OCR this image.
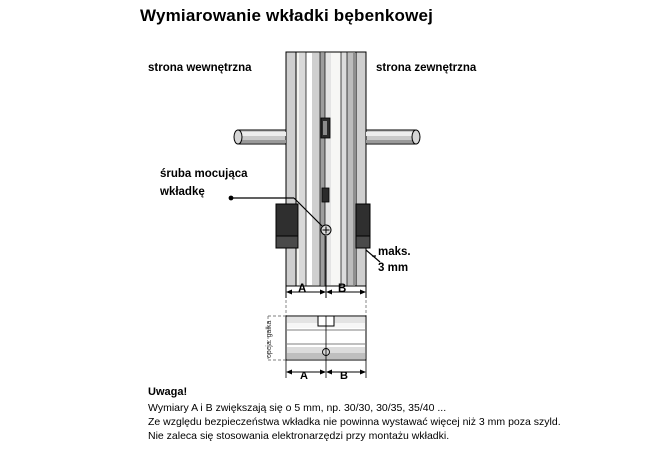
Wymiarowanie wkładki bębenkowej
strona wewnętrzna	strona zewnętrzna
śruba mocująca
wkładkę
maks.
3 mm
A	B
A	B
opcja: gałka
Uwaga!
Wymiary A i B zwiększają się o 5 mm, np. 30/30, 30/35, 35/40 ...
Ze względu bezpieczeństwa wkładka nie powinna wystawać więcej niż 3 mm poza szyld.
Nie zaleca się stosowania elektronarzędzi przy montażu wkładki.
